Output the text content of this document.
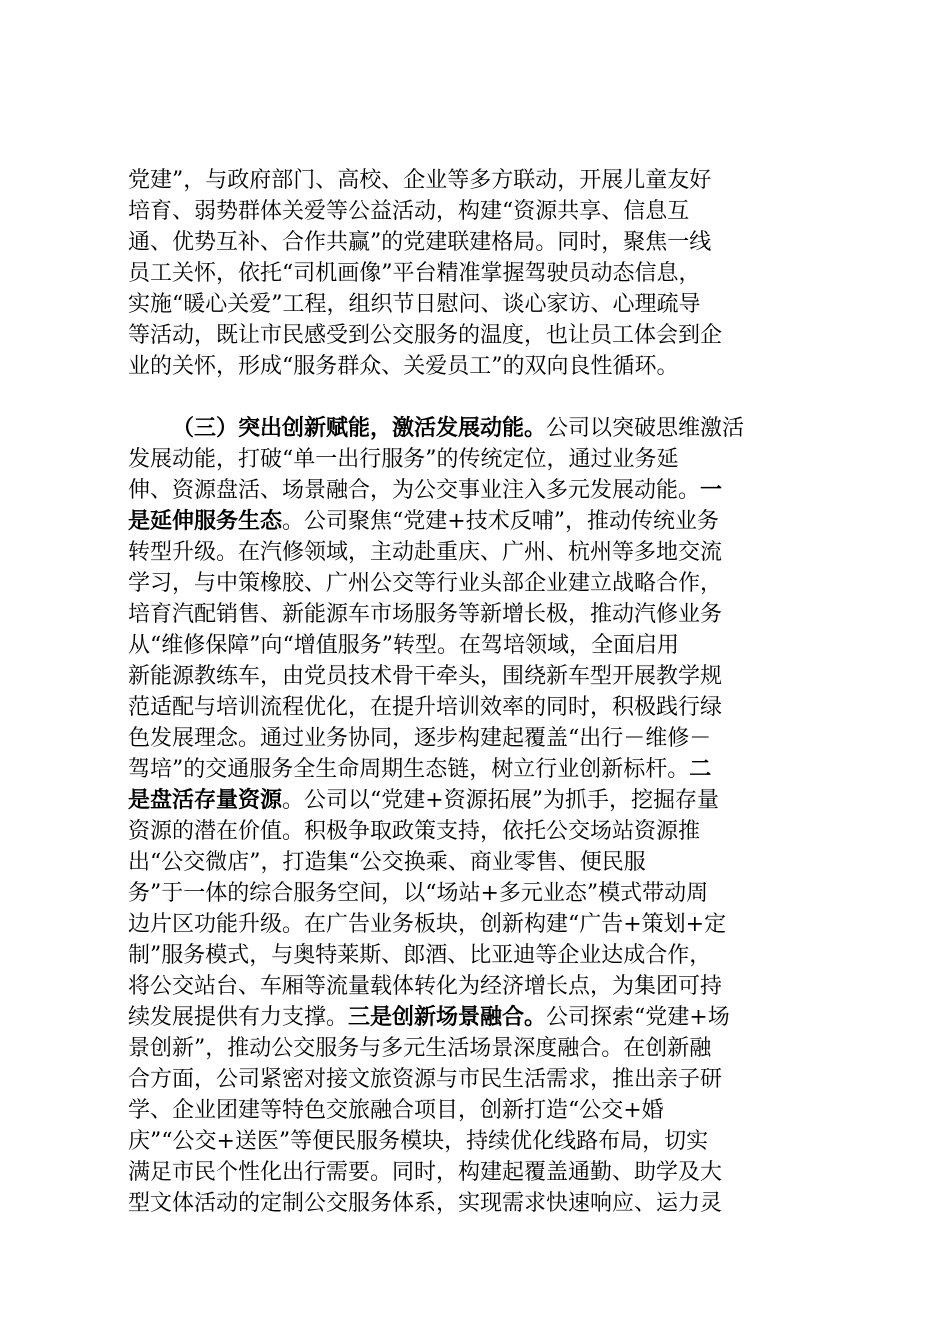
党建”，与政府部门、高校、企业等多方联动，开展儿童友好
培育、弱势群体关爱等公益活动，构建“资源共享、信息互
通、优势互补、合作共赢”的党建联建格局。同时，聚焦一线
员工关怀，依托“司机画像”平台精准掌握驾驶员动态信息，
实施“暖心关爱”工程，组织节日慰问、谈心家访、心理疏导
等活动，既让市民感受到公交服务的温度，也让员工体会到企
业的关怀，形成“服务群众、关爱员工”的双向良性循环。
（三）突出创新赋能，激活发展动能。公司以突破思维激活
发展动能，打破“单一出行服务”的传统定位，通过业务延
伸、资源盘活、场景融合，为公交事业注入多元发展动能。一
是延伸服务生态。公司聚焦“党建+技术反哺”，推动传统业务
转型升级。在汽修领域，主动赴重庆、广州、杭州等多地交流
学习，与中策橡胶、广州公交等行业头部企业建立战略合作，
培育汽配销售、新能源车市场服务等新增长极，推动汽修业务
从“维修保障”向“增值服务”转型。在驾培领域，全面启用
新能源教练车，由党员技术骨干牵头，围绕新车型开展教学规
范适配与培训流程优化，在提升培训效率的同时，积极践行绿
色发展理念。通过业务协同，逐步构建起覆盖“出行－维修－
驾培”的交通服务全生命周期生态链，树立行业创新标杆。二
是盘活存量资源。公司以“党建+资源拓展”为抓手，挖掘存量
资源的潜在价值。积极争取政策支持，依托公交场站资源推
出“公交微店”，打造集“公交换乘、商业零售、便民服
务”于一体的综合服务空间，以“场站+多元业态”模式带动周
边片区功能升级。在广告业务板块，创新构建“广告+策划+定
制”服务模式，与奥特莱斯、郎酒、比亚迪等企业达成合作，
将公交站台、车厢等流量载体转化为经济增长点，为集团可持
续发展提供有力支撑。三是创新场景融合。公司探索“党建+场
景创新”，推动公交服务与多元生活场景深度融合。在创新融
合方面，公司紧密对接文旅资源与市民生活需求，推出亲子研
学、企业团建等特色交旅融合项目，创新打造“公交+婚
庆”“公交+送医”等便民服务模块，持续优化线路布局，切实
满足市民个性化出行需要。同时，构建起覆盖通勤、助学及大
型文体活动的定制公交服务体系，实现需求快速响应、运力灵
